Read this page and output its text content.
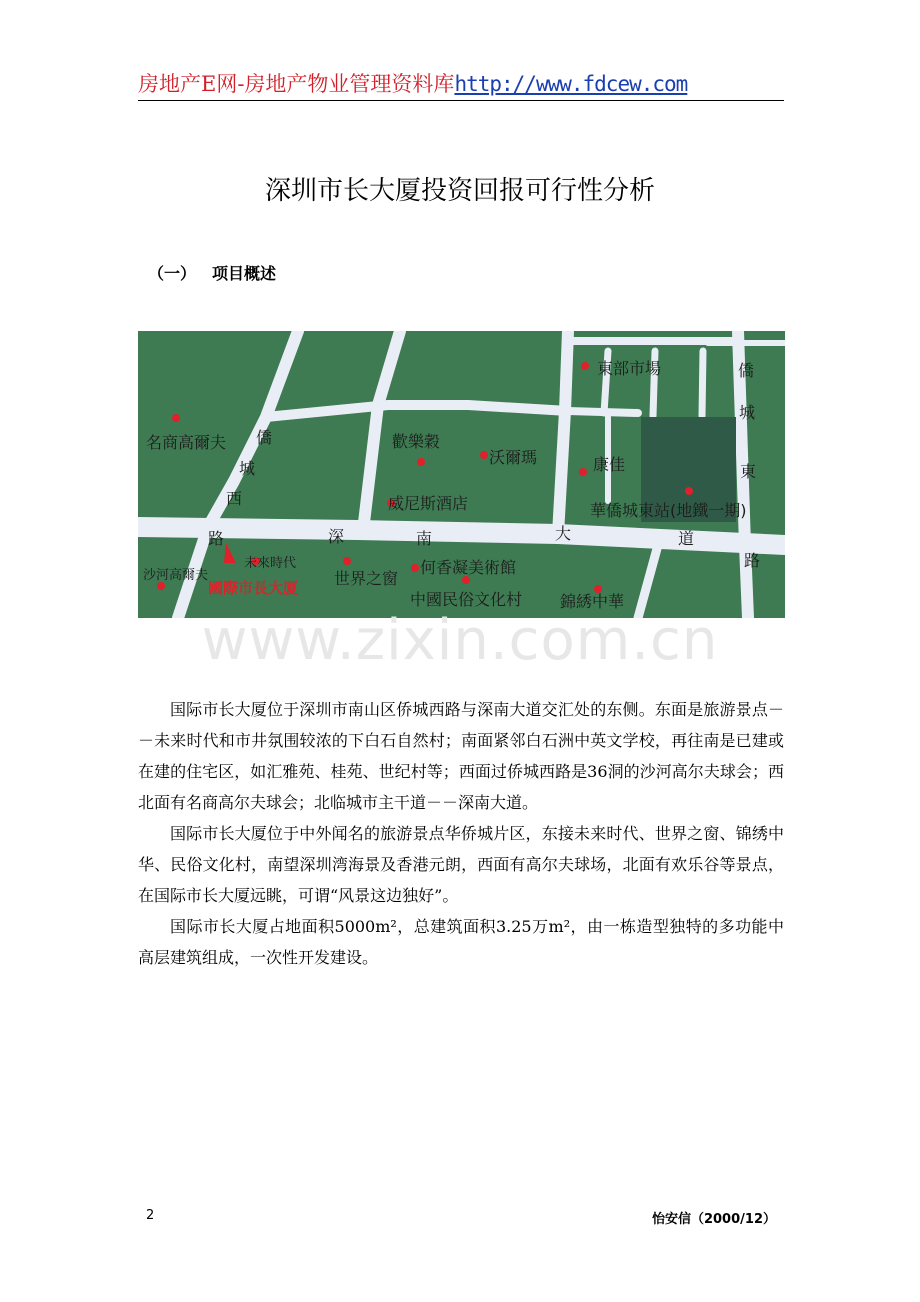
房地产E网-房地产物业管理资料库http://www.fdcew.com
深圳市长大厦投资回报可行性分析
（一） 项目概述
東部市場
名商高爾夫	歡樂穀
沃爾瑪	康佳
威尼斯酒店	華僑城東站(地鐵一期)
世界之窗
未來時代
沙河高爾夫	何香凝美術館
中國民俗文化村 錦綉中華
國際市長大厦
僑
城
西
路	深	南	大	道
僑
城
東
路
www.zixin.com.cn

国际市长大厦位于深圳市南山区侨城西路与深南大道交汇处的东侧。东面是旅游景点－－未来时代和市井氛围较浓的下白石自然村；南面紧邻白石洲中英文学校，再往南是已建或在建的住宅区，如汇雅苑、桂苑、世纪村等；西面过侨城西路是36洞的沙河高尔夫球会；西北面有名商高尔夫球会；北临城市主干道－－深南大道。

国际市长大厦位于中外闻名的旅游景点华侨城片区，东接未来时代、世界之窗、锦绣中华、民俗文化村，南望深圳湾海景及香港元朗，西面有高尔夫球场，北面有欢乐谷等景点，在国际市长大厦远眺，可谓“风景这边独好”。

国际市长大厦占地面积5000m²，总建筑面积3.25万m²，由一栋造型独特的多功能中高层建筑组成，一次性开发建设。

2	怡安信（2000/12）
